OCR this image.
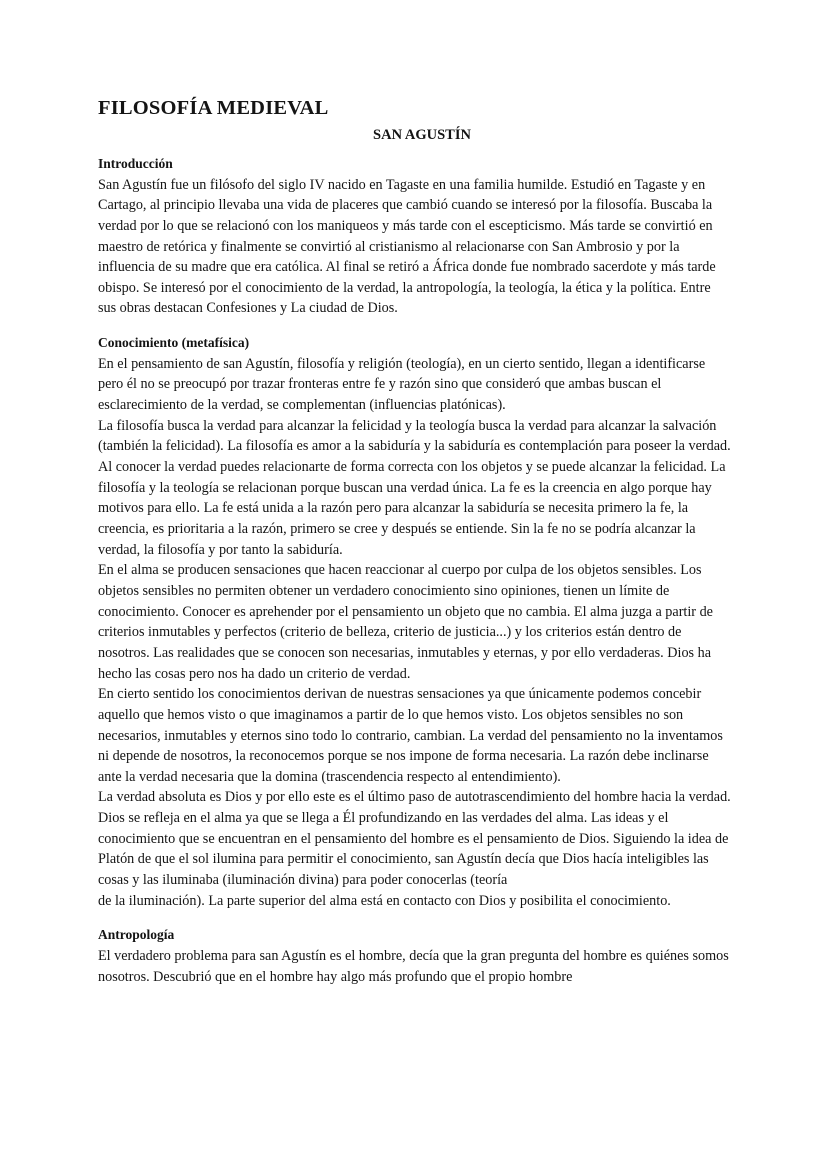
FILOSOFÍA MEDIEVAL
SAN AGUSTÍN
Introducción

San Agustín fue un filósofo del siglo IV nacido en Tagaste en una familia humilde. Estudió en Tagaste y en Cartago, al principio llevaba una vida de placeres que cambió cuando se interesó por la filosofía. Buscaba la verdad por lo que se relacionó con los maniqueos y más tarde con el escepticismo. Más tarde se convirtió en maestro de retórica y finalmente se convirtió al cristianismo al relacionarse con San Ambrosio y por la influencia de su madre que era católica. Al final se retiró a África donde fue nombrado sacerdote y más tarde obispo. Se interesó por el conocimiento de la verdad, la antropología, la teología, la ética y la política. Entre sus obras destacan Confesiones y La ciudad de Dios.

Conocimiento (metafísica)

En el pensamiento de san Agustín, filosofía y religión (teología), en un cierto sentido, llegan a identificarse pero él no se preocupó por trazar fronteras entre fe y razón sino que consideró que ambas buscan el esclarecimiento de la verdad, se complementan (influencias platónicas).

La filosofía busca la verdad para alcanzar la felicidad y la teología busca la verdad para alcanzar la salvación (también la felicidad). La filosofía es amor a la sabiduría y la sabiduría es contemplación para poseer la verdad. Al conocer la verdad puedes relacionarte de forma correcta con los objetos y se puede alcanzar la felicidad. La filosofía y la teología se relacionan porque buscan una verdad única. La fe es la creencia en algo porque hay motivos para ello. La fe está unida a la razón pero para alcanzar la sabiduría se necesita primero la fe, la creencia, es prioritaria a la razón, primero se cree y después se entiende. Sin la fe no se podría alcanzar la verdad, la filosofía y por tanto la sabiduría.

En el alma se producen sensaciones que hacen reaccionar al cuerpo por culpa de los objetos sensibles. Los objetos sensibles no permiten obtener un verdadero conocimiento sino opiniones, tienen un límite de conocimiento. Conocer es aprehender por el pensamiento un objeto que no cambia. El alma juzga a partir de criterios inmutables y perfectos (criterio de belleza, criterio de justicia...) y los criterios están dentro de nosotros. Las realidades que se conocen son necesarias, inmutables y eternas, y por ello verdaderas. Dios ha hecho las cosas pero nos ha dado un criterio de verdad.

En cierto sentido los conocimientos derivan de nuestras sensaciones ya que únicamente podemos concebir aquello que hemos visto o que imaginamos a partir de lo que hemos visto. Los objetos sensibles no son necesarios, inmutables y eternos sino todo lo contrario, cambian. La verdad del pensamiento no la inventamos ni depende de nosotros, la reconocemos porque se nos impone de forma necesaria. La razón debe inclinarse ante la verdad necesaria que la domina (trascendencia respecto al entendimiento).

La verdad absoluta es Dios y por ello este es el último paso de autotrascendimiento del hombre hacia la verdad. Dios se refleja en el alma ya que se llega a Él profundizando en las verdades del alma. Las ideas y el conocimiento que se encuentran en el pensamiento del hombre es el pensamiento de Dios. Siguiendo la idea de Platón de que el sol ilumina para permitir el conocimiento, san Agustín decía que Dios hacía inteligibles las cosas y las iluminaba (iluminación divina) para poder conocerlas (teoría

de la iluminación). La parte superior del alma está en contacto con Dios y posibilita el conocimiento.

Antropología

El verdadero problema para san Agustín es el hombre, decía que la gran pregunta del hombre es quiénes somos nosotros. Descubrió que en el hombre hay algo más profundo que el propio hombre
